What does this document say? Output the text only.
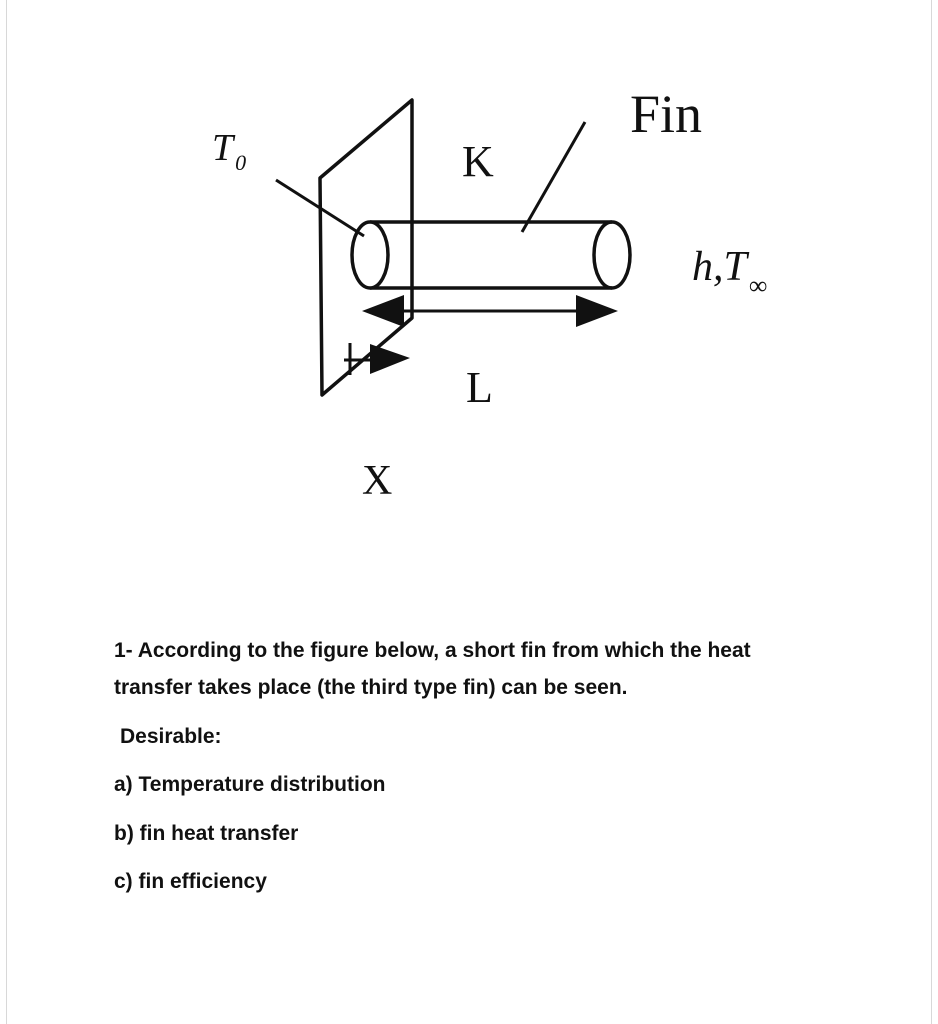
$T_0$	K
Fin
$h,T_\infty$
L
X

1- According to the figure below, a short fin from which the heat transfer takes place (the third type fin) can be seen.

Desirable:

a) Temperature distribution

b) fin heat transfer

c) fin efficiency
